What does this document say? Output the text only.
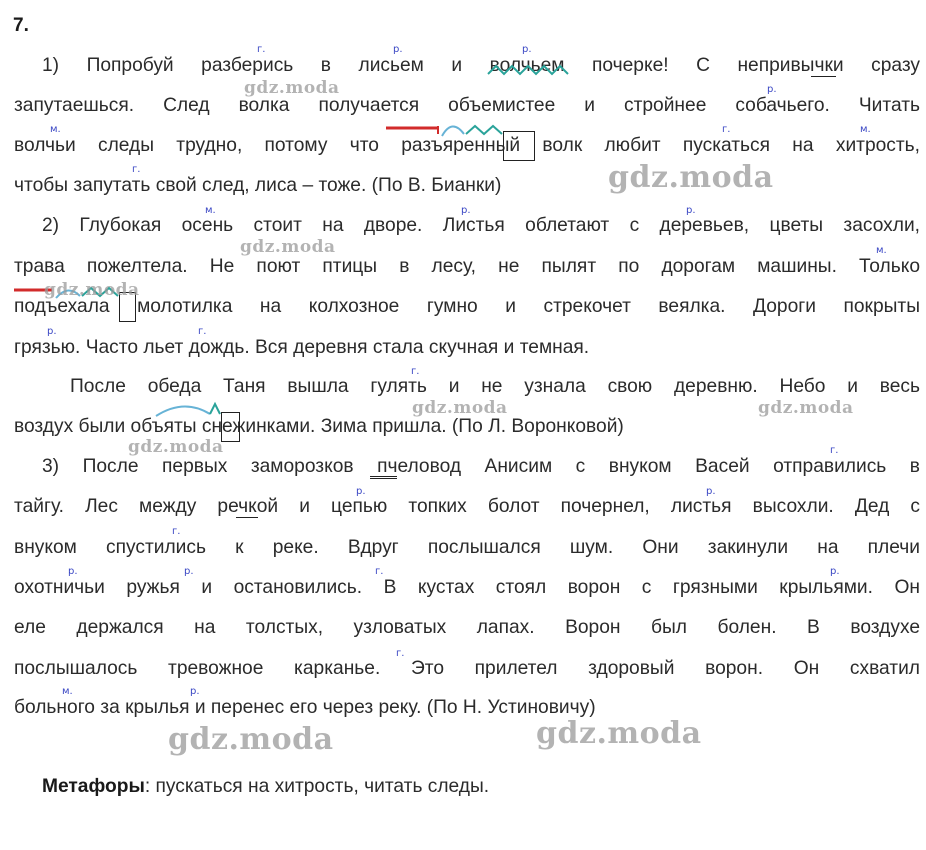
7.
1) Попробуй разберись в лисьем и волчьем почерке! С непривычки сразу
запутаешься. След волка получается объемистее и стройнее собачьего. Читать
волчьи следы трудно, потому что разъяренный волк любит пускаться на хитрость,
чтобы запутать свой след, лиса – тоже. (По В. Бианки)
2) Глубокая осень стоит на дворе. Листья облетают с деревьев, цветы засохли,
трава пожелтела. Не поют птицы в лесу, не пылят по дорогам машины. Только
подъехала молотилка на колхозное гумно и стрекочет веялка. Дороги покрыты
грязью. Часто льет дождь. Вся деревня стала скучная и темная.
После обеда Таня вышла гулять и не узнала свою деревню. Небо и весь
воздух были объяты снежинками. Зима пришла. (По Л. Воронковой)
3) После первых заморозков пчеловод Анисим с внуком Васей отправились в
тайгу. Лес между речкой и цепью топких болот почернел, листья высохли. Дед с
внуком спустились к реке. Вдруг послышался шум. Они закинули на плечи
охотничьи ружья и остановились. В кустах стоял ворон с грязными крыльями. Он
еле держался на толстых, узловатых лапах. Ворон был болен. В воздухе
послышалось тревожное карканье. Это прилетел здоровый ворон. Он схватил
больного за крылья и перенес его через реку. (По Н. Устиновичу)
Метафоры: пускаться на хитрость, читать следы.
г.	р.	р.
р.
м.	г.	м.
г.
м.	р.	р.
м.
р.	г.
г.
г.
р.	р.
г.
р.	р.	г.	р.
г.
м.	р.
gdz.moda
gdz.moda
gdz.moda
gdz.moda
gdz.moda	gdz.moda
gdz.moda
gdz.moda	gdz.moda
